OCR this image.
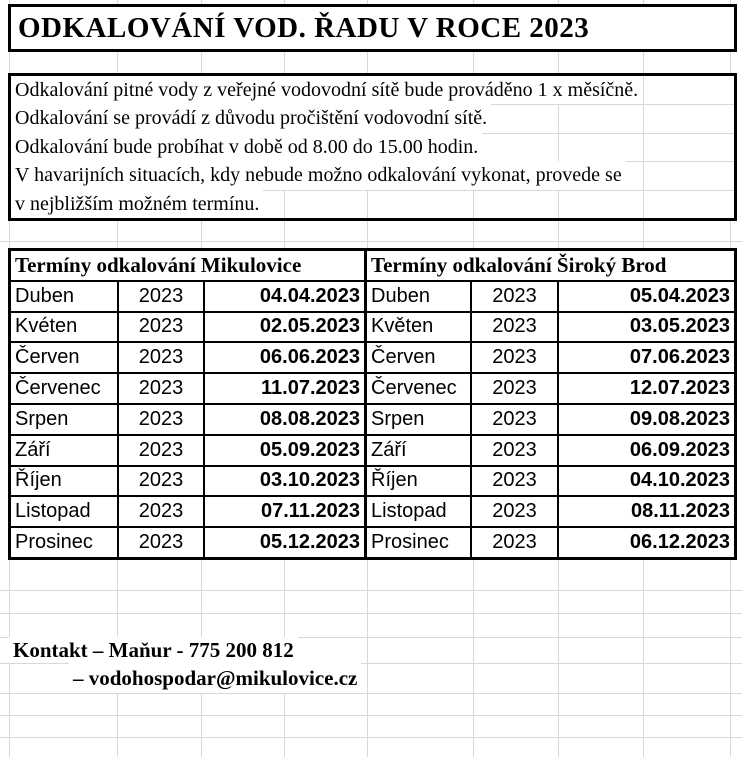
ODKALOVÁNÍ VOD. ŘADU V ROCE 2023
Odkalování pitné vody z veřejné vodovodní sítě bude prováděno 1 x měsíčně.
Odkalování se provádí z důvodu pročištění vodovodní sítě.
Odkalování bude probíhat v době od 8.00 do 15.00 hodin.
V havarijních situacích, kdy nebude možno odkalování vykonat, provede se
v nejbližším možném termínu.
Termíny odkalování Mikulovice
Duben	2023	04.04.2023
Kvéten	2023	02.05.2023
Červen	2023	06.06.2023
Červenec	2023	11.07.2023
Srpen	2023	08.08.2023
Září	2023	05.09.2023
Říjen	2023	03.10.2023
Listopad	2023	07.11.2023
Prosinec	2023	05.12.2023
Termíny odkalování Široký Brod
Duben	2023	05.04.2023
Květen	2023	03.05.2023
Červen	2023	07.06.2023
Červenec	2023	12.07.2023
Srpen	2023	09.08.2023
Září	2023	06.09.2023
Říjen	2023	04.10.2023
Listopad	2023	08.11.2023
Prosinec	2023	06.12.2023
Kontakt – Maňur - 775 200 812
– vodohospodar@mikulovice.cz
